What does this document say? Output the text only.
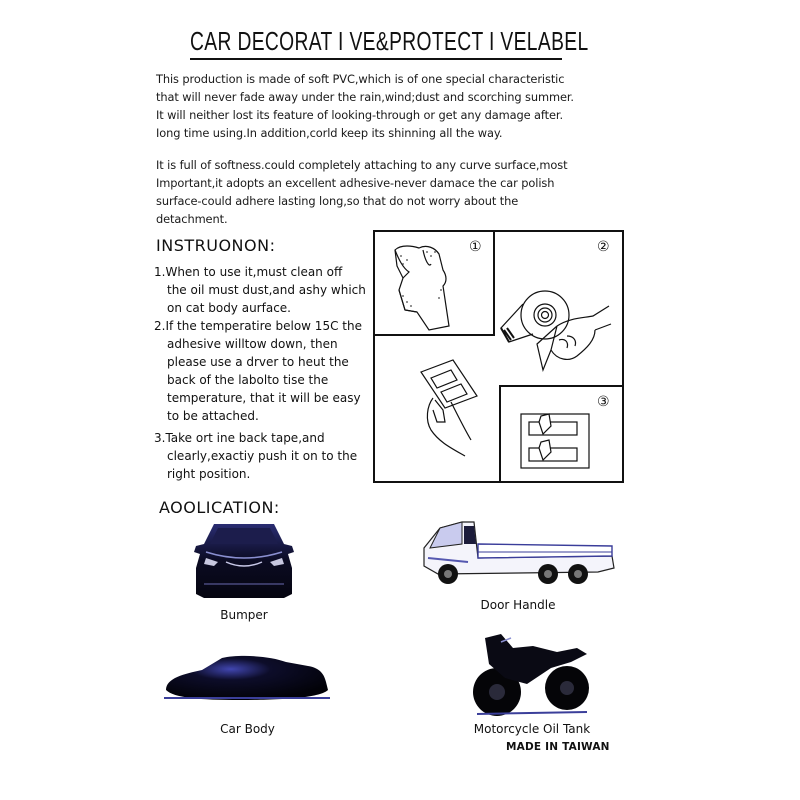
CAR DECORAT I VE&PROTECT I VELABEL
This production is made of soft PVC,which is of one special characteristic
that will never fade away under the rain,wind;dust and scorching summer.
It will neither lost its feature of looking-through or get any damage after.
Iong time using.In addition,corld keep its shinning all the way.
It is full of softness.could completely attaching to any curve surface,most
Important,it adopts an excellent adhesive-never damace the car polish
surface-could adhere lasting long,so that do not worry about the
detachment.
INSTRUONON:
1.When to use it,must clean off
the oil must dust,and ashy which
on cat body aurface.
2.If the temperatire below 15C the
adhesive willtow down, then
please use a drver to heut the
back of the labolto tise the
temperature, that it will be easy
to be attached.
3.Take ort ine back tape,and
clearly,exactiy push it on to the
right position.
①	②
③
AOOLICATION:
Bumper
Door Handle
Car Body	Motorcycle Oil Tank
MADE IN TAIWAN
